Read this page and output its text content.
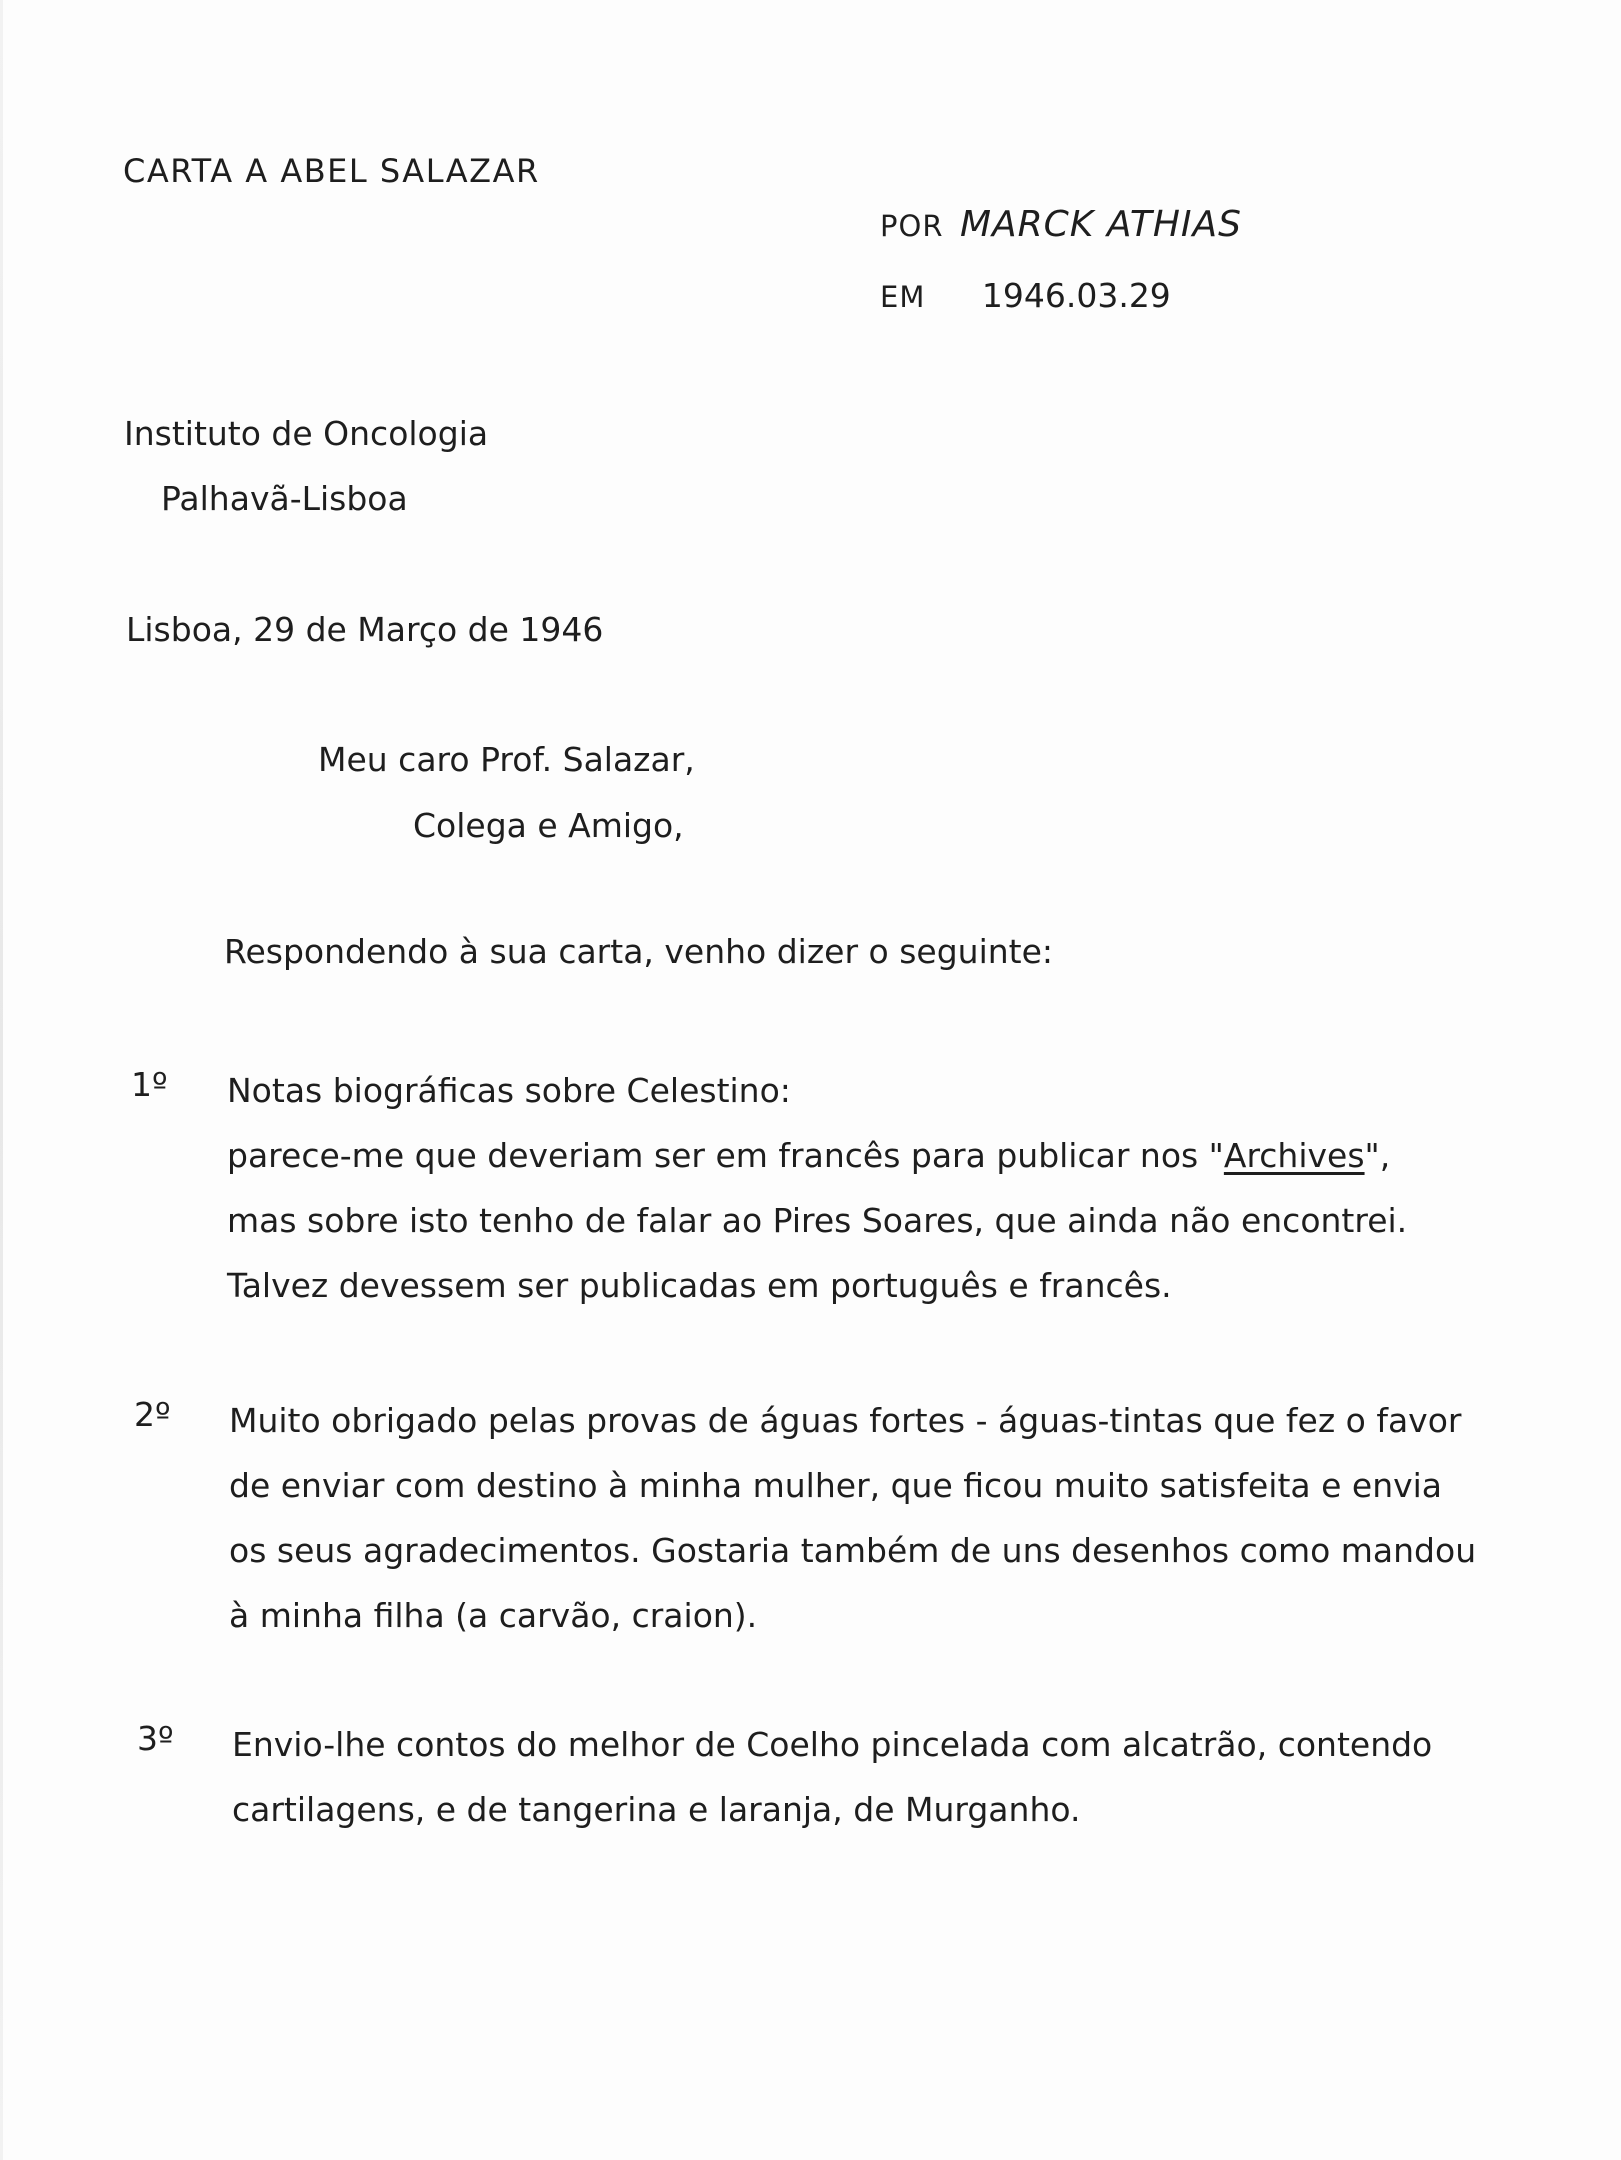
CARTA A ABEL SALAZAR
POR MARCK ATHIAS
EM 1946.03.29
Instituto de Oncologia
Palhavã-Lisboa
Lisboa, 29 de Março de 1946
Meu caro Prof. Salazar,
Colega e Amigo,
Respondendo à sua carta, venho dizer o seguinte:
1º Notas biográficas sobre Celestino:
parece-me que deveriam ser em francês para publicar nos "Archives",
mas sobre isto tenho de falar ao Pires Soares, que ainda não encontrei.
Talvez devessem ser publicadas em português e francês.
2º Muito obrigado pelas provas de águas fortes - águas-tintas que fez o favor
de enviar com destino à minha mulher, que ficou muito satisfeita e envia
os seus agradecimentos. Gostaria também de uns desenhos como mandou
à minha filha (a carvão, craion).
3º Envio-lhe contos do melhor de Coelho pincelada com alcatrão, contendo
cartilagens, e de tangerina e laranja, de Murganho.
